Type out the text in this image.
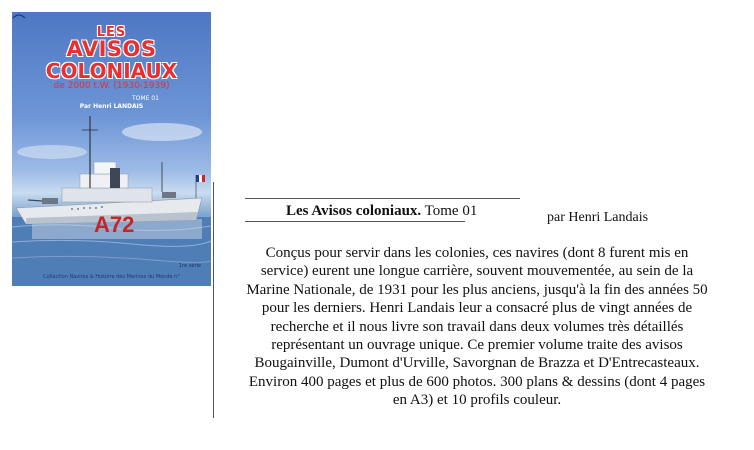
LES
AVISOS
COLONIAUX
de 2000 t.W. (1930-1939)
TOME 01
Par Henri LANDAIS
A72
1re série
Collection Navires & Histoire des Marines du Monde n°
Les Avisos coloniaux. Tome 01	par Henri Landais
Conçus pour servir dans les colonies, ces navires (dont 8 furent mis en
service) eurent une longue carrière, souvent mouvementée, au sein de la
Marine Nationale, de 1931 pour les plus anciens, jusqu'à la fin des années 50
pour les derniers. Henri Landais leur a consacré plus de vingt années de
recherche et il nous livre son travail dans deux volumes très détaillés
représentant un ouvrage unique. Ce premier volume traite des avisos
Bougainville, Dumont d'Urville, Savorgnan de Brazza et D'Entrecasteaux.
Environ 400 pages et plus de 600 photos. 300 plans & dessins (dont 4 pages
en A3) et 10 profils couleur.
